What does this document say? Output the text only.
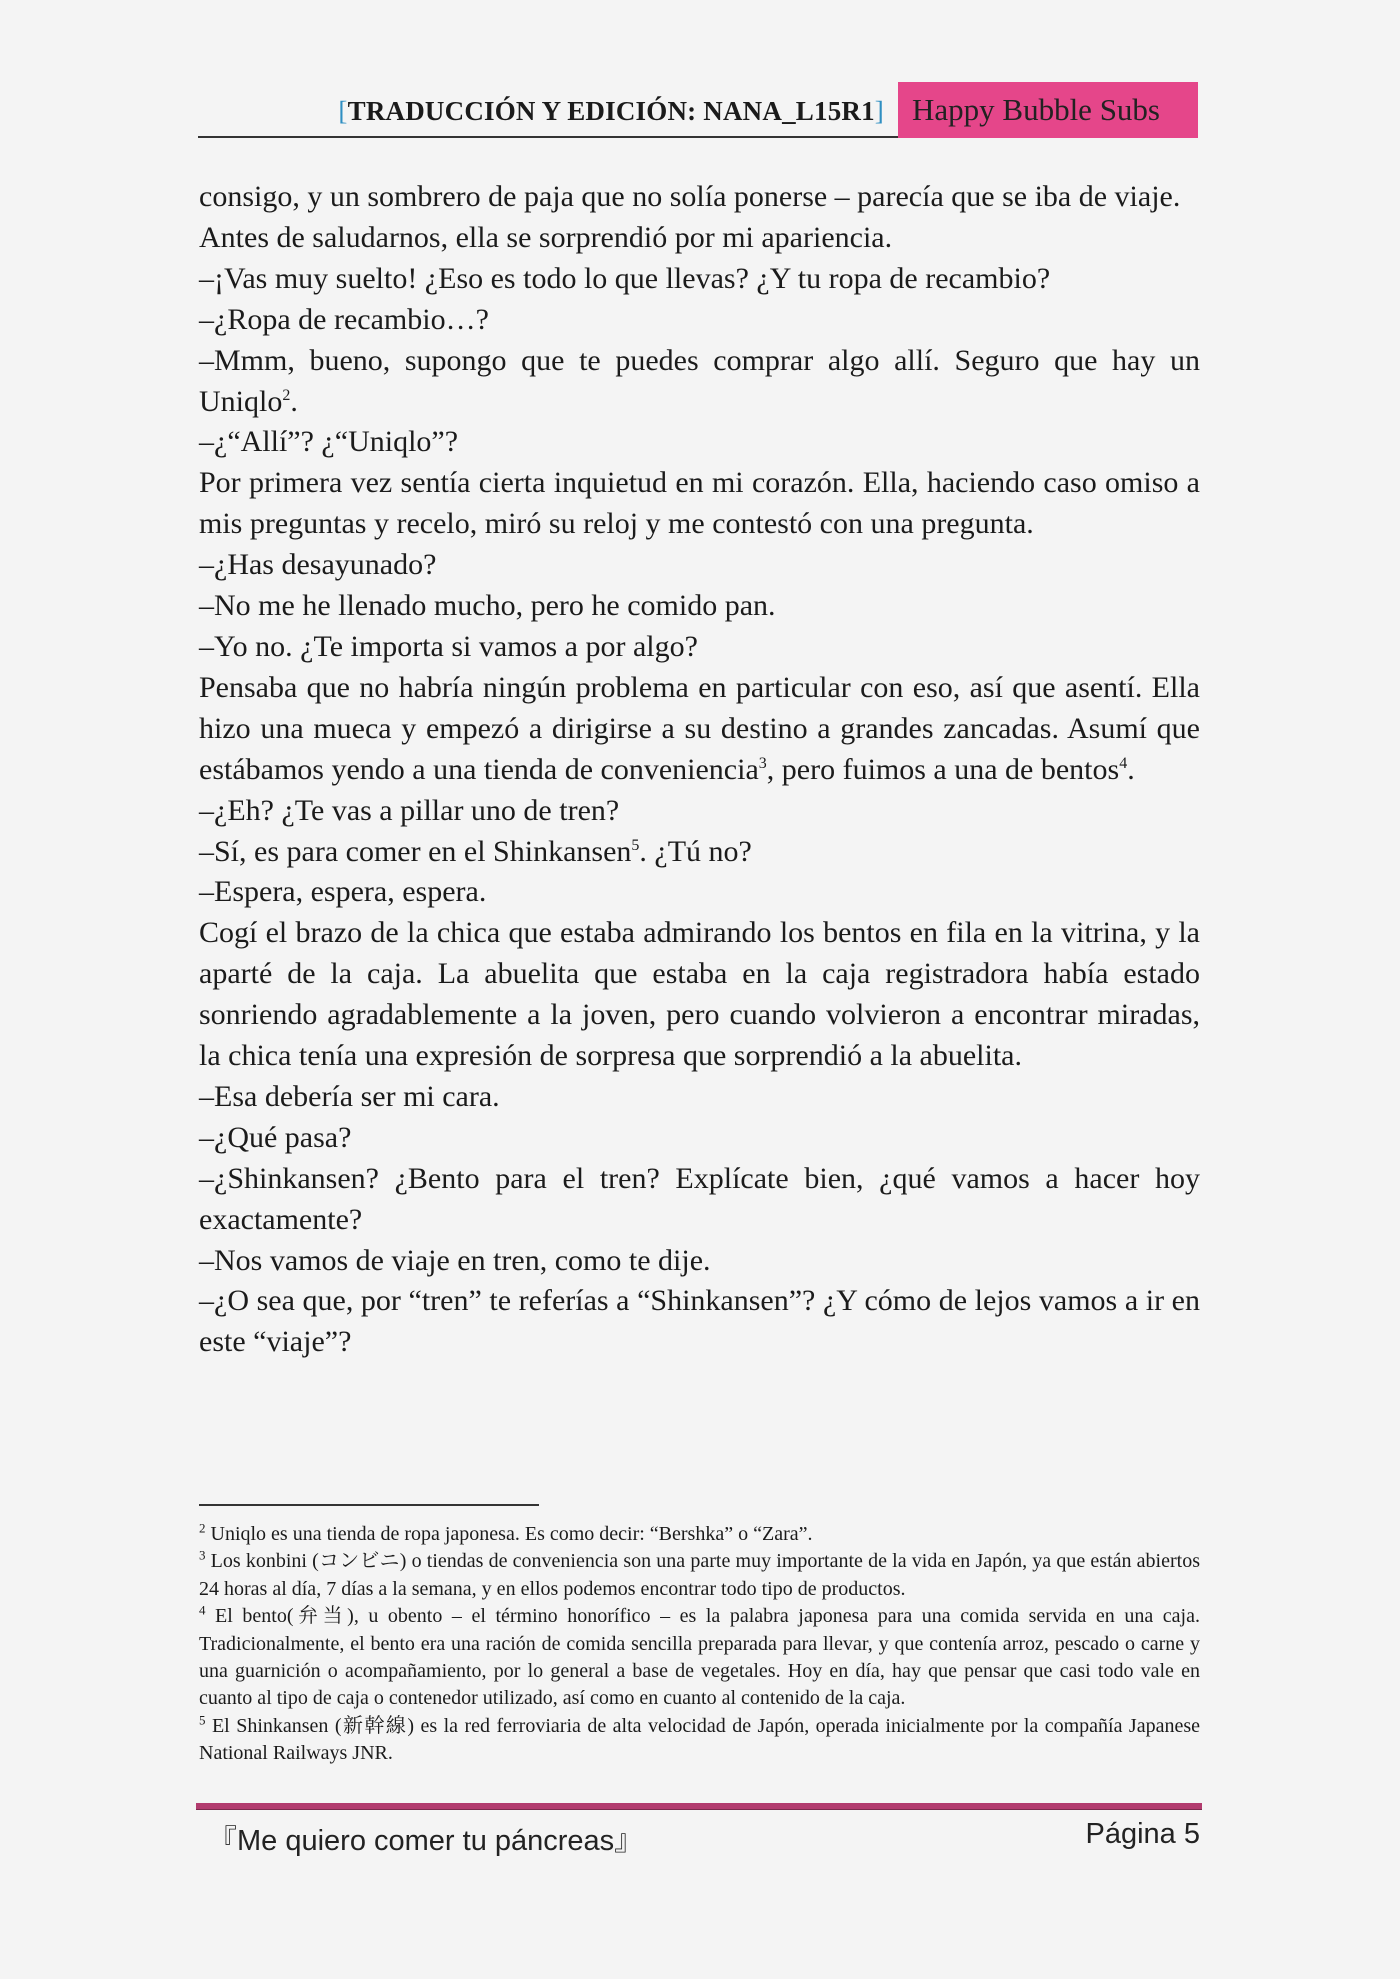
[TRADUCCIÓN Y EDICIÓN: NANA_L15R1] Happy Bubble Subs

consigo, y un sombrero de paja que no solía ponerse – parecía que se iba de viaje.

Antes de saludarnos, ella se sorprendió por mi apariencia.

–¡Vas muy suelto! ¿Eso es todo lo que llevas? ¿Y tu ropa de recambio?

–¿Ropa de recambio…?

–Mmm, bueno, supongo que te puedes comprar algo allí. Seguro que hay un Uniqlo$^2$.

–¿“Allí”? ¿“Uniqlo”?

Por primera vez sentía cierta inquietud en mi corazón. Ella, haciendo caso omiso a mis preguntas y recelo, miró su reloj y me contestó con una pregunta.

–¿Has desayunado?

–No me he llenado mucho, pero he comido pan.

–Yo no. ¿Te importa si vamos a por algo?

Pensaba que no habría ningún problema en particular con eso, así que asentí. Ella hizo una mueca y empezó a dirigirse a su destino a grandes zancadas. Asumí que estábamos yendo a una tienda de conveniencia$^3$, pero fuimos a una de bentos$^4$.

–¿Eh? ¿Te vas a pillar uno de tren?

–Sí, es para comer en el Shinkansen$^5$. ¿Tú no?

–Espera, espera, espera.

Cogí el brazo de la chica que estaba admirando los bentos en fila en la vitrina, y la aparté de la caja. La abuelita que estaba en la caja registradora había estado sonriendo agradablemente a la joven, pero cuando volvieron a encontrar miradas, la chica tenía una expresión de sorpresa que sorprendió a la abuelita.

–Esa debería ser mi cara.

–¿Qué pasa?

–¿Shinkansen? ¿Bento para el tren? Explícate bien, ¿qué vamos a hacer hoy exactamente?

–Nos vamos de viaje en tren, como te dije.

–¿O sea que, por “tren” te referías a “Shinkansen”? ¿Y cómo de lejos vamos a ir en este “viaje”?

$^2$ Uniqlo es una tienda de ropa japonesa. Es como decir: “Bershka” o “Zara”.

$^3$ Los konbini (コンビニ) o tiendas de conveniencia son una parte muy importante de la vida en Japón, ya que están abiertos 24 horas al día, 7 días a la semana, y en ellos podemos encontrar todo tipo de productos.

$^4$ El bento(弁当), u obento – el término honorífico – es la palabra japonesa para una comida servida en una caja. Tradicionalmente, el bento era una ración de comida sencilla preparada para llevar, y que contenía arroz, pescado o carne y una guarnición o acompañamiento, por lo general a base de vegetales. Hoy en día, hay que pensar que casi todo vale en cuanto al tipo de caja o contenedor utilizado, así como en cuanto al contenido de la caja.

$^5$ El Shinkansen (新幹線) es la red ferroviaria de alta velocidad de Japón, operada inicialmente por la compañía Japanese National Railways JNR.

『Me quiero comer tu páncreas』	Página 5
